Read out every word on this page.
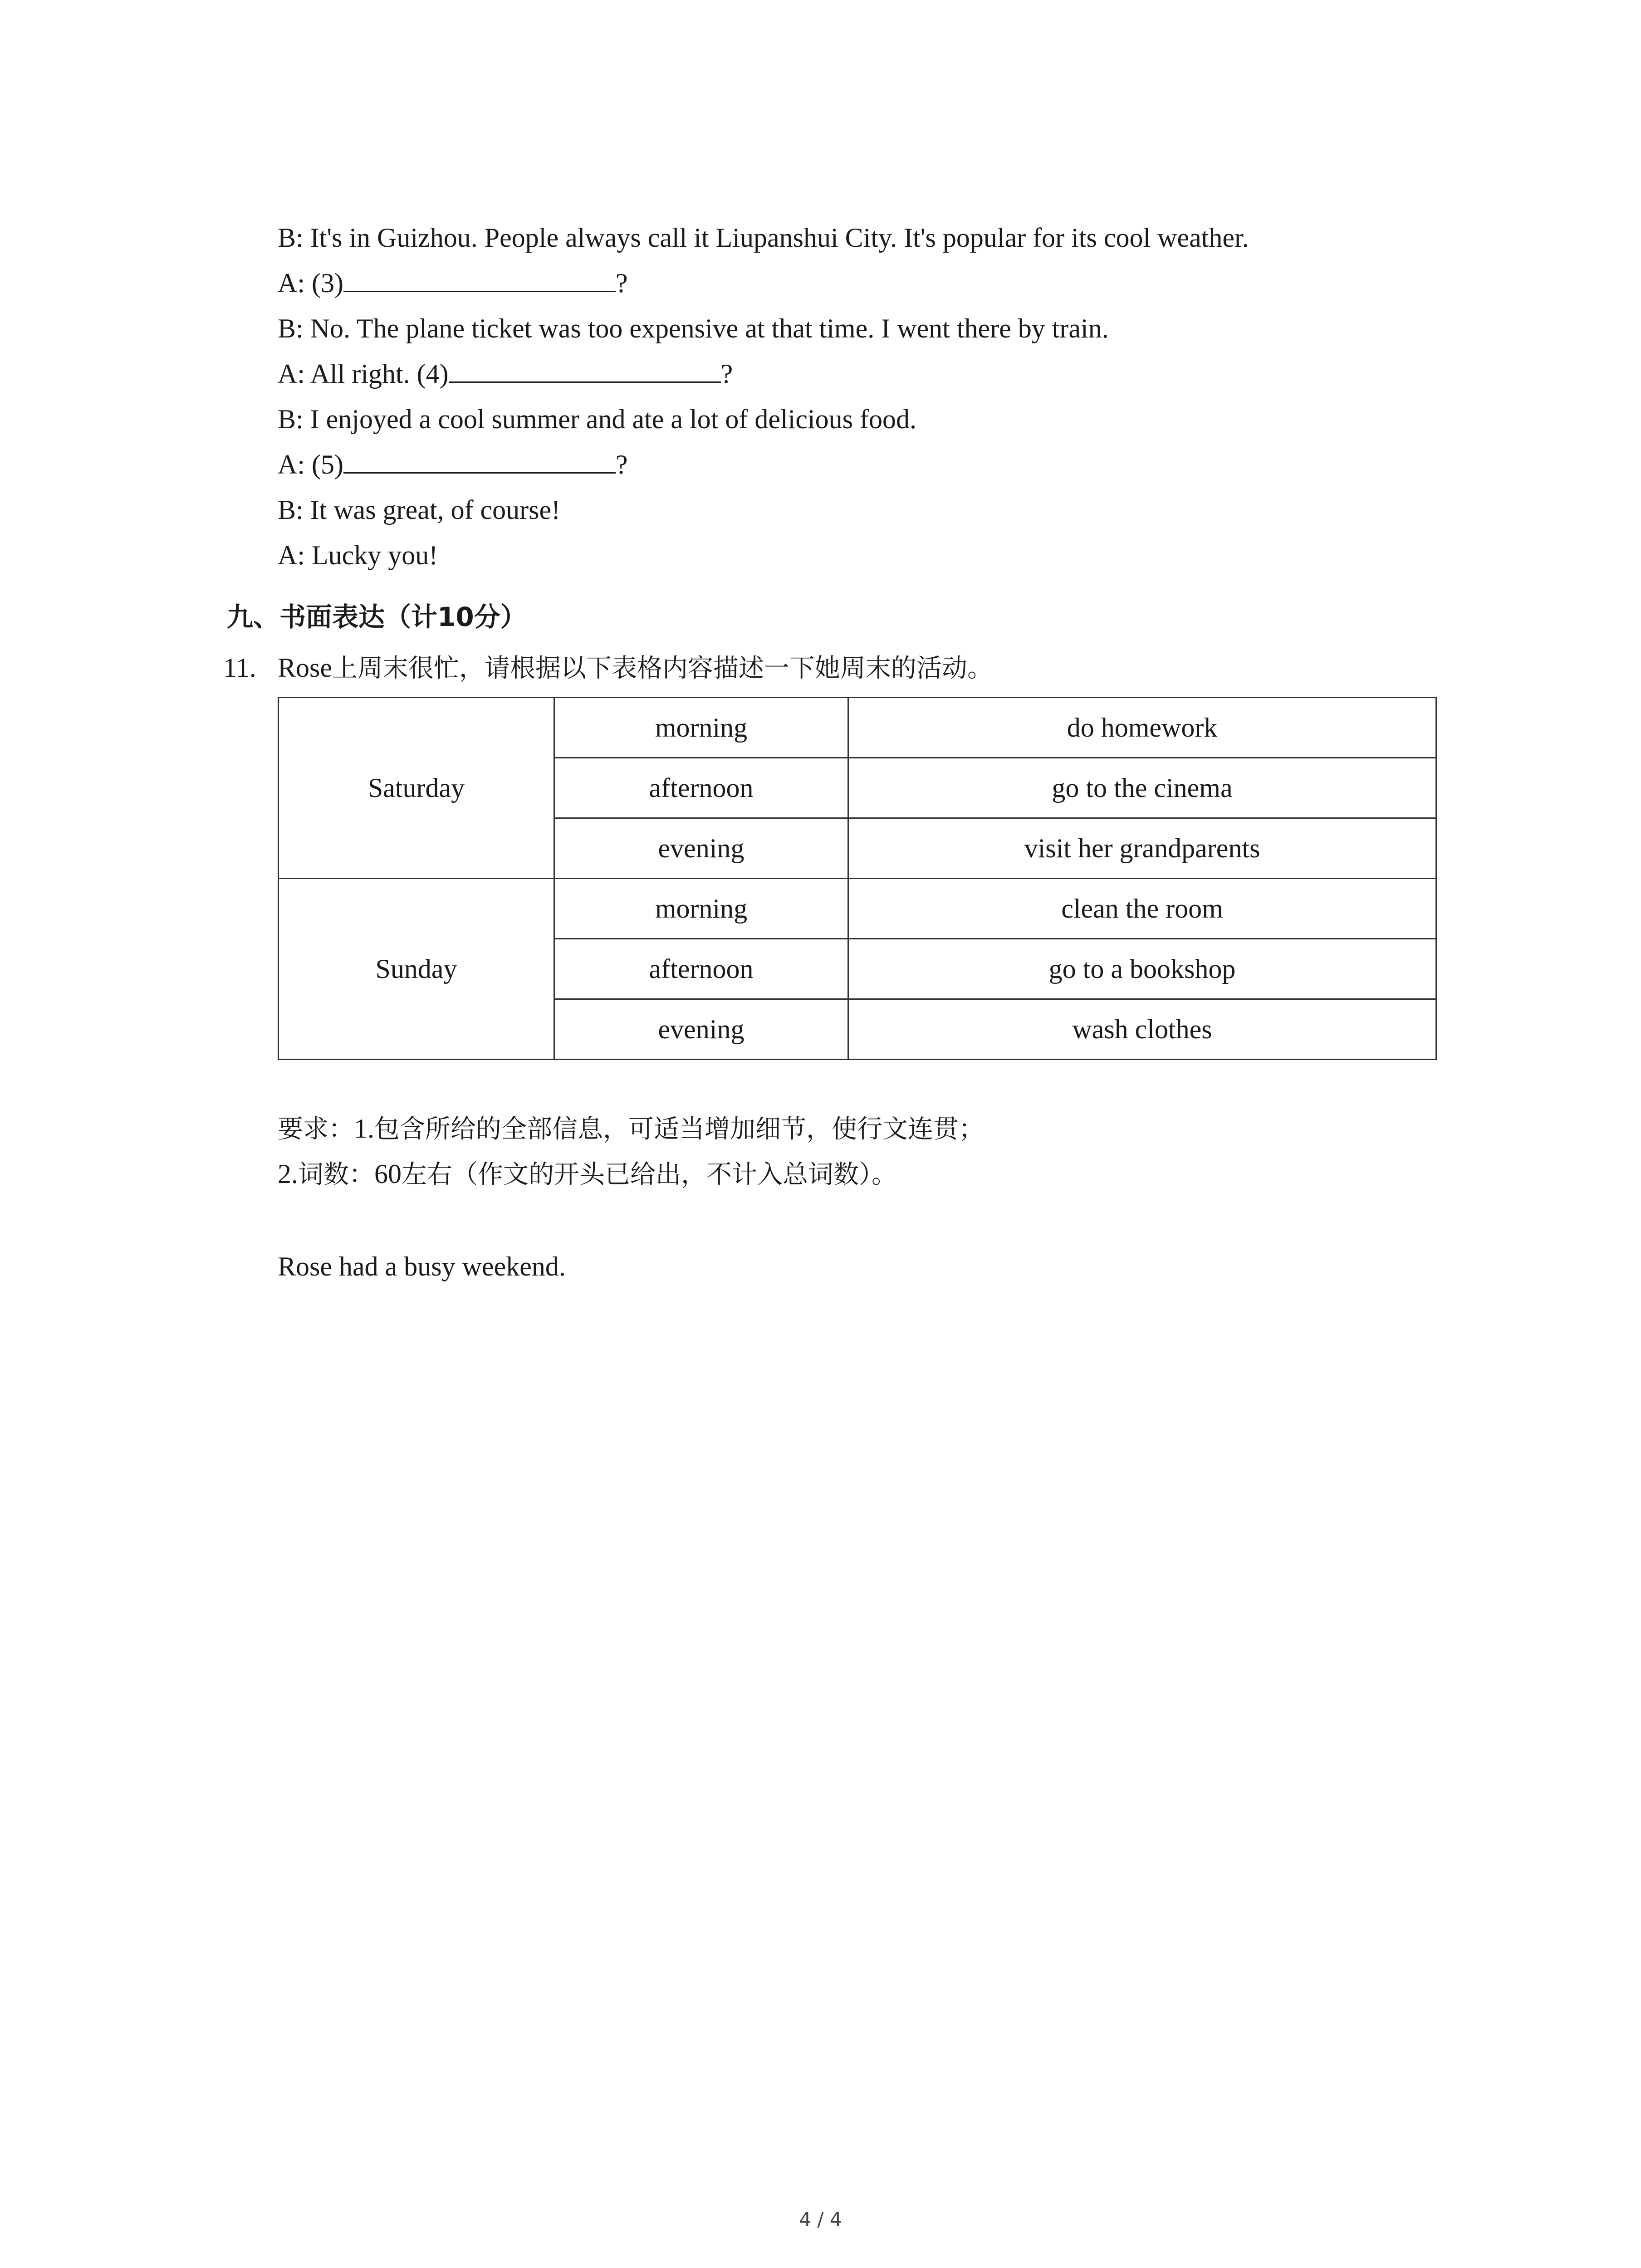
B: It's in Guizhou. People always call it Liupanshui City. It's popular for its cool weather.
A: (3)	?
B: No. The plane ticket was too expensive at that time. I went there by train.
A: All right. (4)	?
B: I enjoyed a cool summer and ate a lot of delicious food.
A: (5)	?
B: It was great, of course!
A: Lucky you!
九、书面表达（计10分）
11. Rose上周末很忙，请根据以下表格内容描述一下她周末的活动。
Saturday	morning	do homework
	afternoon	go to the cinema
	evening	visit her grandparents
Sunday	morning	clean the room
	afternoon	go to a bookshop
	evening	wash clothes
要求：1.包含所给的全部信息，可适当增加细节，使行文连贯；
2.词数：60左右（作文的开头已给出，不计入总词数）。
Rose had a busy weekend.
4 / 4
